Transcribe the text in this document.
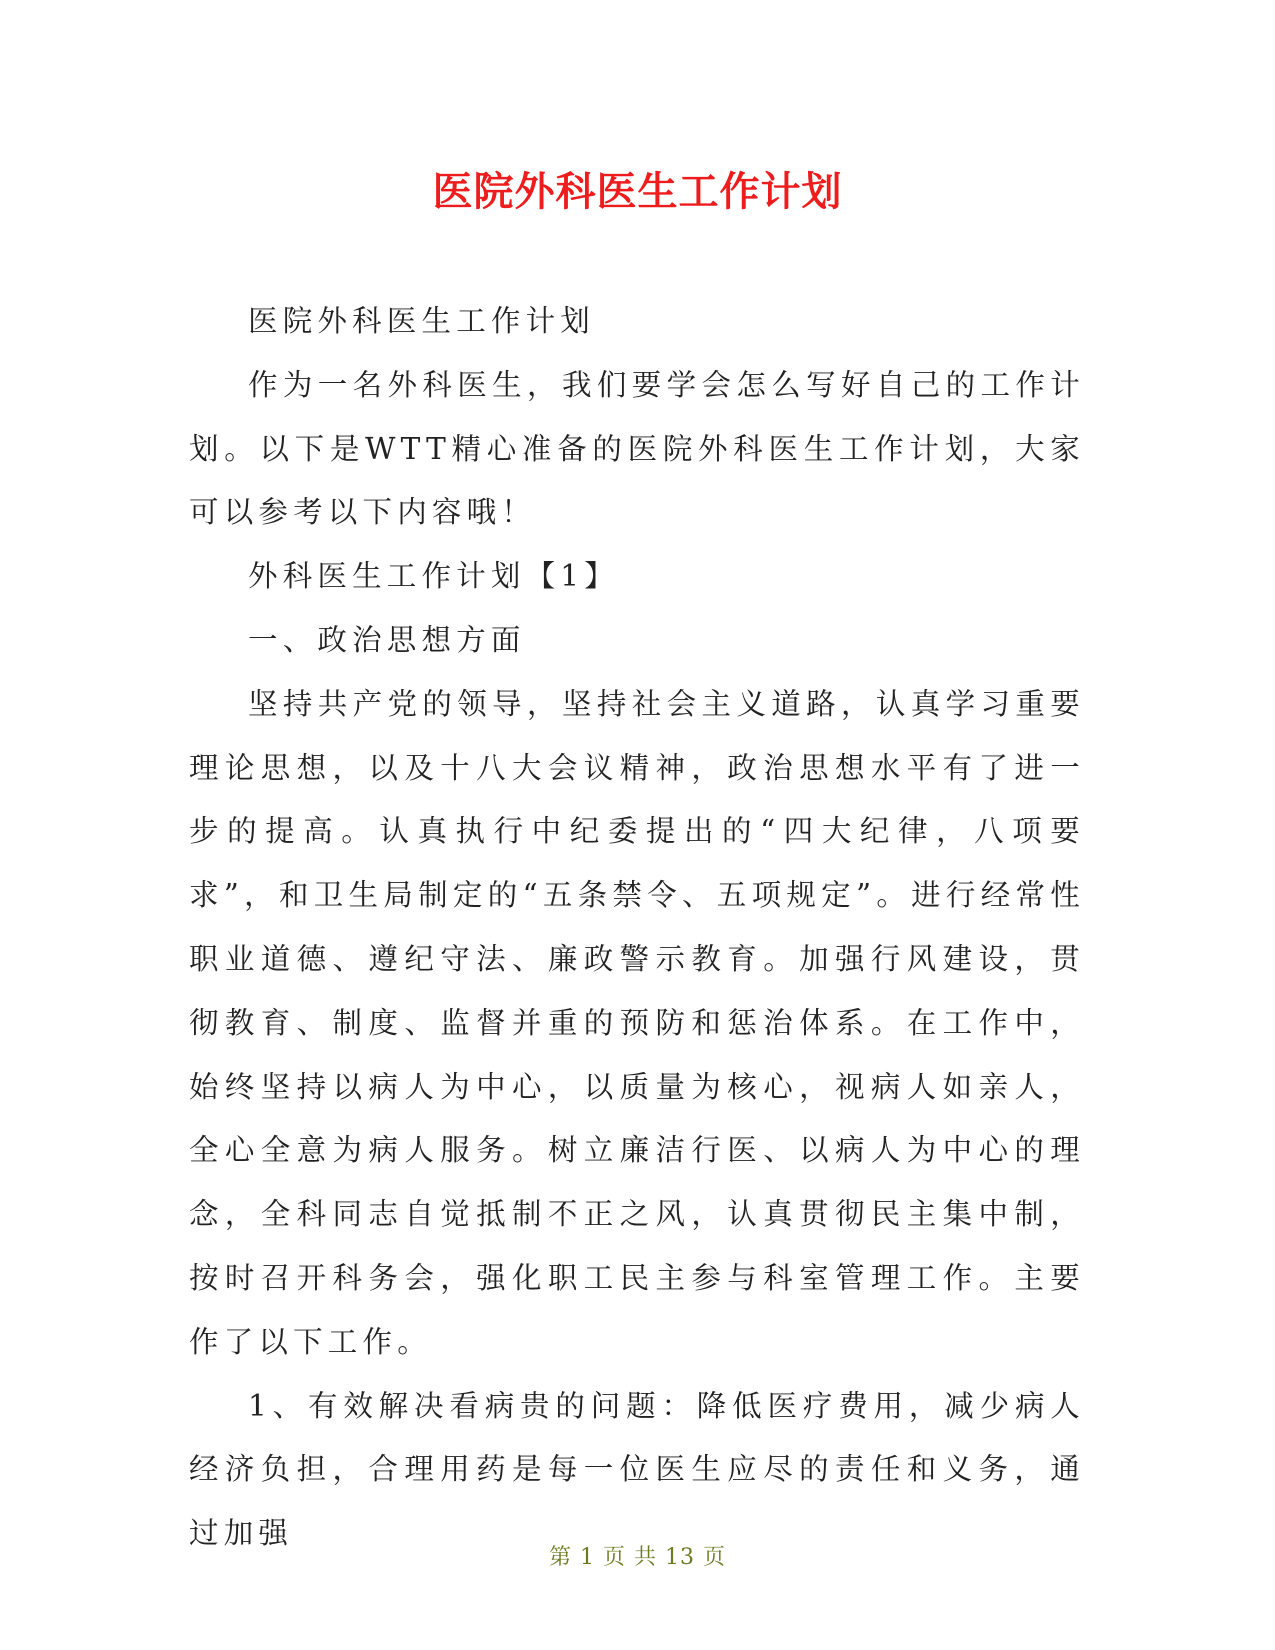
医院外科医生工作计划

医院外科医生工作计划

作为一名外科医生，我们要学会怎么写好自己的工作计划。以下是WTT精心准备的医院外科医生工作计划，大家可以参考以下内容哦！

外科医生工作计划【1】

一、政治思想方面

坚持共产党的领导，坚持社会主义道路，认真学习重要理论思想，以及十八大会议精神，政治思想水平有了进一步的提高。认真执行中纪委提出的“四大纪律，八项要求”，和卫生局制定的“五条禁令、五项规定”。进行经常性职业道德、遵纪守法、廉政警示教育。加强行风建设，贯彻教育、制度、监督并重的预防和惩治体系。在工作中，始终坚持以病人为中心，以质量为核心，视病人如亲人，全心全意为病人服务。树立廉洁行医、以病人为中心的理念，全科同志自觉抵制不正之风，认真贯彻民主集中制，按时召开科务会，强化职工民主参与科室管理工作。主要作了以下工作。

1、有效解决看病贵的问题：降低医疗费用，减少病人经济负担，合理用药是每一位医生应尽的责任和义务，通过加强

第 1 页 共 13 页
